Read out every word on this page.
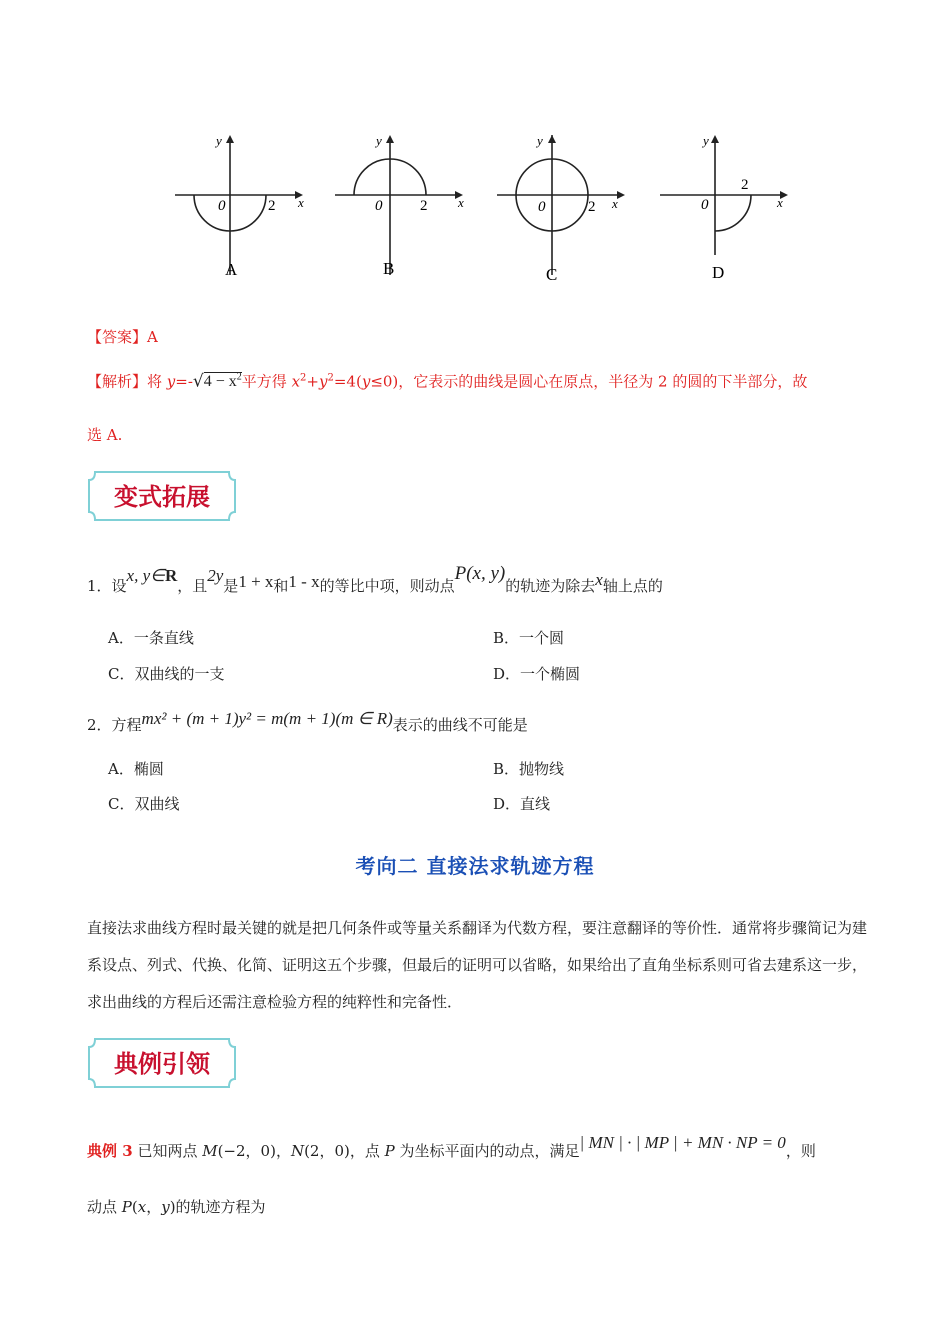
y
x
0	2
A
y
x
0	2
B
y
x
0	2
C
y
x
0
2
D
【答案】A
【解析】将 $y=-√4 - x^2$平方得 $x^2+y^2=4(y\le 0)$，它表示的曲线是圆心在原点，半径为 2 的圆的下半部分，故
选 A.
变式拓展
1．设x, y∈R，且2y是1 + x和1 - x的等比中项，则动点P(x, y)的轨迹为除去x轴上点的
A．一条直线	B．一个圆
C．双曲线的一支	D．一个椭圆
2．方程mx² + (m + 1)y² = m(m + 1)(m ∈ R)表示的曲线不可能是
A．椭圆	B．抛物线
C．双曲线	D．直线
考向二 直接法求轨迹方程
直接法求曲线方程时最关键的就是把几何条件或等量关系翻译为代数方程，要注意翻译的等价性．通常将步骤简记为建系设点、列式、代换、化简、证明这五个步骤，但最后的证明可以省略，如果给出了直角坐标系则可省去建系这一步，求出曲线的方程后还需注意检验方程的纯粹性和完备性．
典例引领
典例 3 已知两点 M(−2，0)，N(2，0)，点 P 为坐标平面内的动点，满足| MN | · | MP | + MN · NP = 0，则
动点 P(x，y)的轨迹方程为
